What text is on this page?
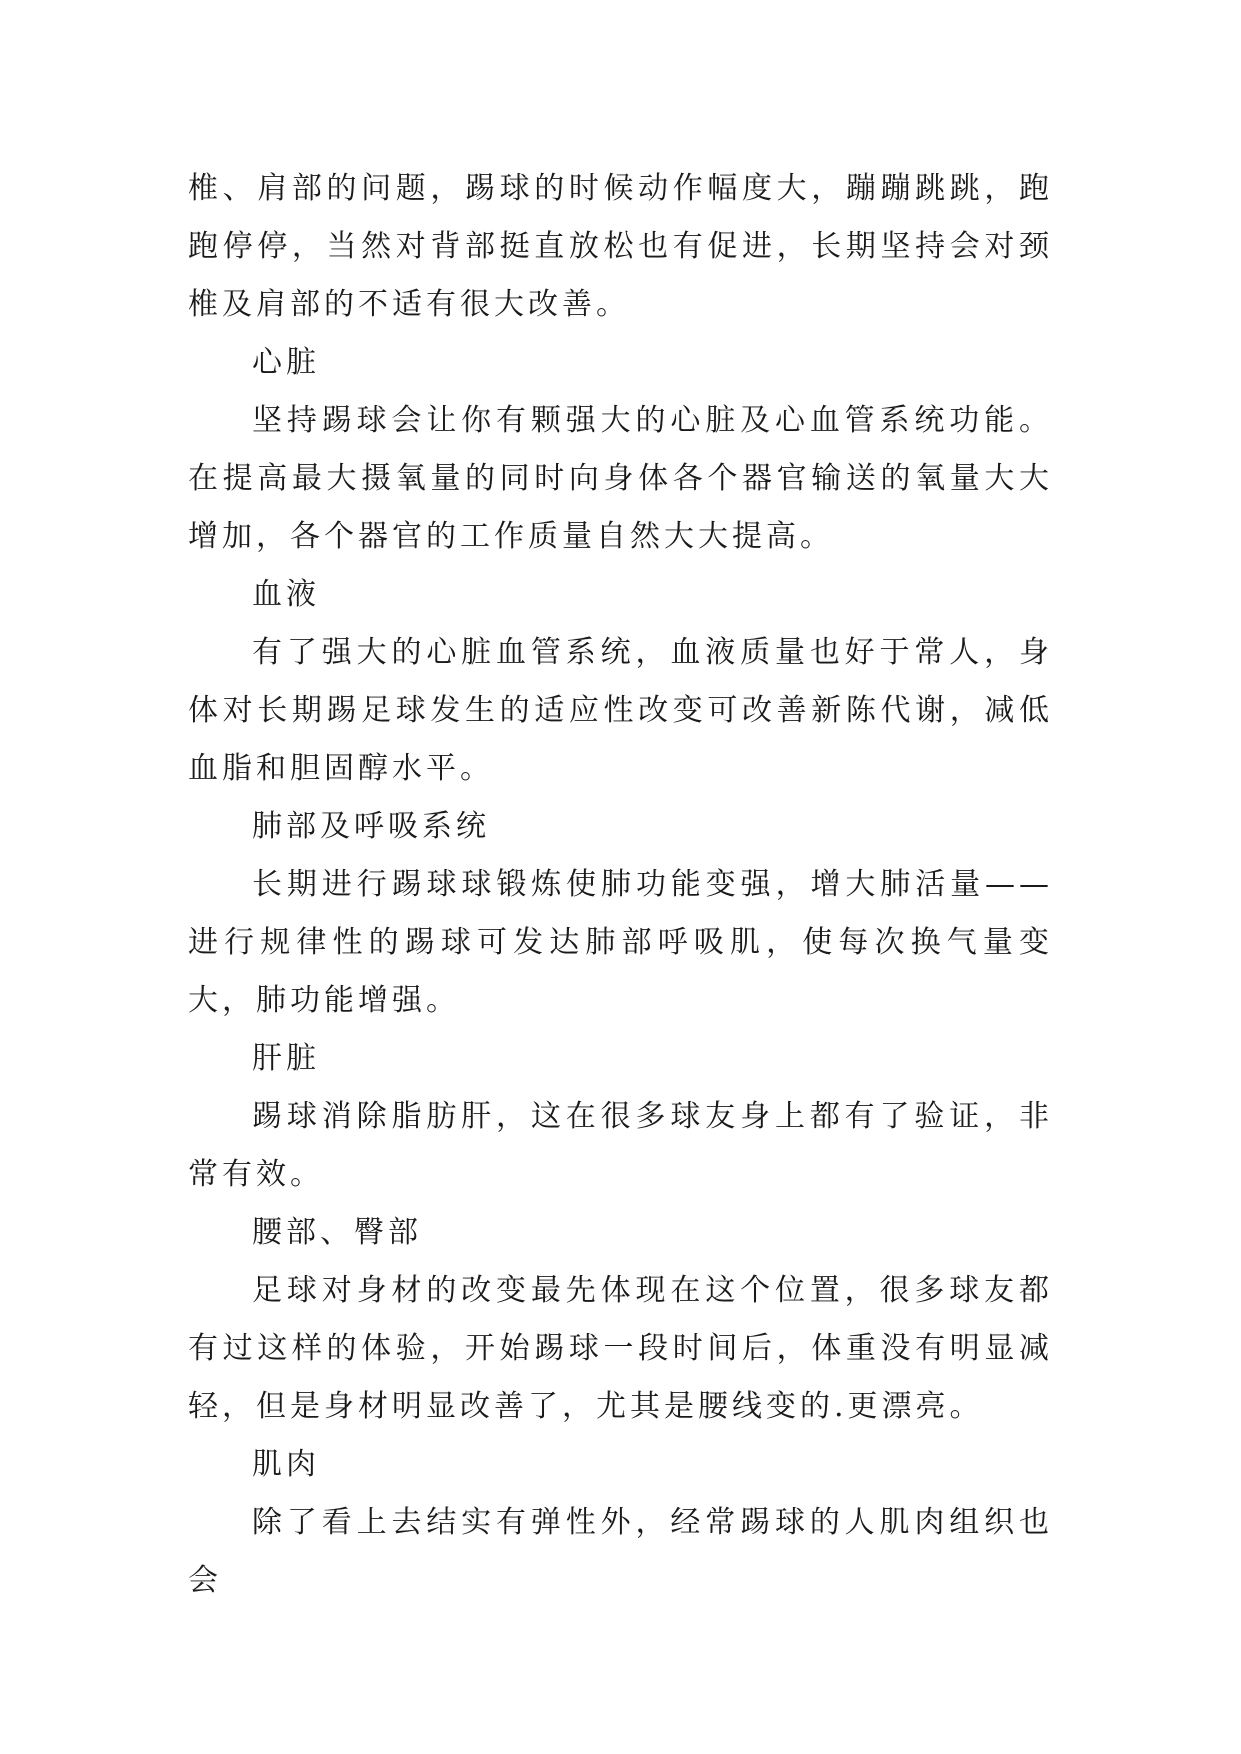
椎、肩部的问题，踢球的时候动作幅度大，蹦蹦跳跳，跑跑停停，当然对背部挺直放松也有促进，长期坚持会对颈椎及肩部的不适有很大改善。

心脏

坚持踢球会让你有颗强大的心脏及心血管系统功能。在提高最大摄氧量的同时向身体各个器官输送的氧量大大增加，各个器官的工作质量自然大大提高。

血液

有了强大的心脏血管系统，血液质量也好于常人，身体对长期踢足球发生的适应性改变可改善新陈代谢，减低血脂和胆固醇水平。

肺部及呼吸系统

长期进行踢球球锻炼使肺功能变强，增大肺活量——进行规律性的踢球可发达肺部呼吸肌，使每次换气量变大，肺功能增强。

肝脏

踢球消除脂肪肝，这在很多球友身上都有了验证，非常有效。

腰部、臀部

足球对身材的改变最先体现在这个位置，很多球友都有过这样的体验，开始踢球一段时间后，体重没有明显减轻，但是身材明显改善了，尤其是腰线变的.更漂亮。

肌肉

除了看上去结实有弹性外，经常踢球的人肌肉组织也会
